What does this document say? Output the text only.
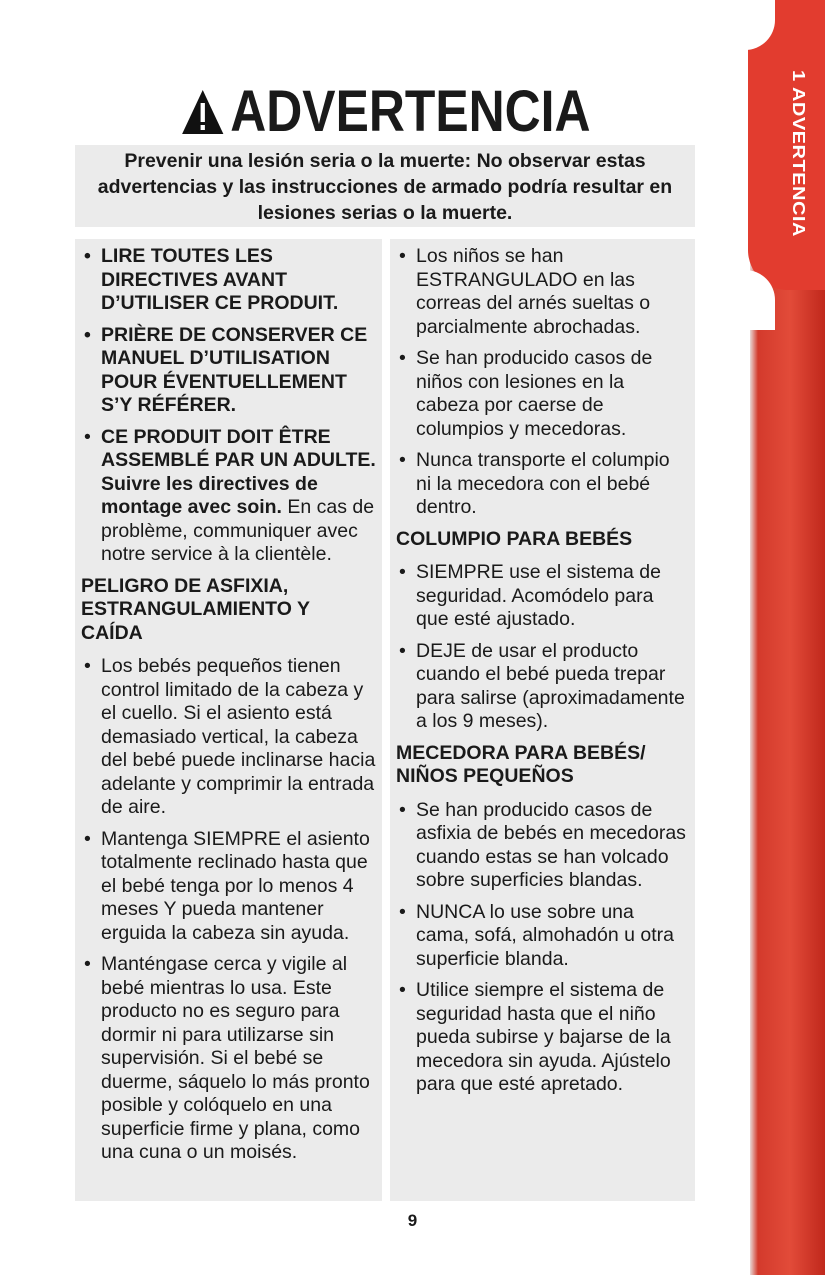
1 ADVERTENCIA
ADVERTENCIA
Prevenir una lesión seria o la muerte: No observar estas advertencias y las instrucciones de armado podría resultar en lesiones serias o la muerte.
• LIRE TOUTES LES DIRECTIVES AVANT D’UTILISER CE PRODUIT.
• PRIÈRE DE CONSERVER CE MANUEL D’UTILISATION POUR ÉVENTUELLEMENT S’Y RÉFÉRER.
• CE PRODUIT DOIT ÊTRE ASSEMBLÉ PAR UN ADULTE. Suivre les directives de montage avec soin. En cas de problème, communiquer avec notre service à la clientèle.
PELIGRO DE ASFIXIA, ESTRANGULAMIENTO Y CAÍDA
• Los bebés pequeños tienen control limitado de la cabeza y el cuello. Si el asiento está demasiado vertical, la cabeza del bebé puede inclinarse hacia adelante y comprimir la entrada de aire.
• Mantenga SIEMPRE el asiento totalmente reclinado hasta que el bebé tenga por lo menos 4 meses Y pueda mantener erguida la cabeza sin ayuda.
• Manténgase cerca y vigile al bebé mientras lo usa. Este producto no es seguro para dormir ni para utilizarse sin supervisión. Si el bebé se duerme, sáquelo lo más pronto posible y colóquelo en una superficie firme y plana, como una cuna o un moisés.
• Los niños se han ESTRANGULADO en las correas del arnés sueltas o parcialmente abrochadas.
• Se han producido casos de niños con lesiones en la cabeza por caerse de columpios y mecedoras.
• Nunca transporte el columpio ni la mecedora con el bebé dentro.
COLUMPIO PARA BEBÉS
• SIEMPRE use el sistema de seguridad. Acomódelo para que esté ajustado.
• DEJE de usar el producto cuando el bebé pueda trepar para salirse (aproximadamente a los 9 meses).
MECEDORA PARA BEBÉS/ NIÑOS PEQUEÑOS
• Se han producido casos de asfixia de bebés en mecedoras cuando estas se han volcado sobre superficies blandas.
• NUNCA lo use sobre una cama, sofá, almohadón u otra superficie blanda.
• Utilice siempre el sistema de seguridad hasta que el niño pueda subirse y bajarse de la mecedora sin ayuda. Ajústelo para que esté apretado.
9
